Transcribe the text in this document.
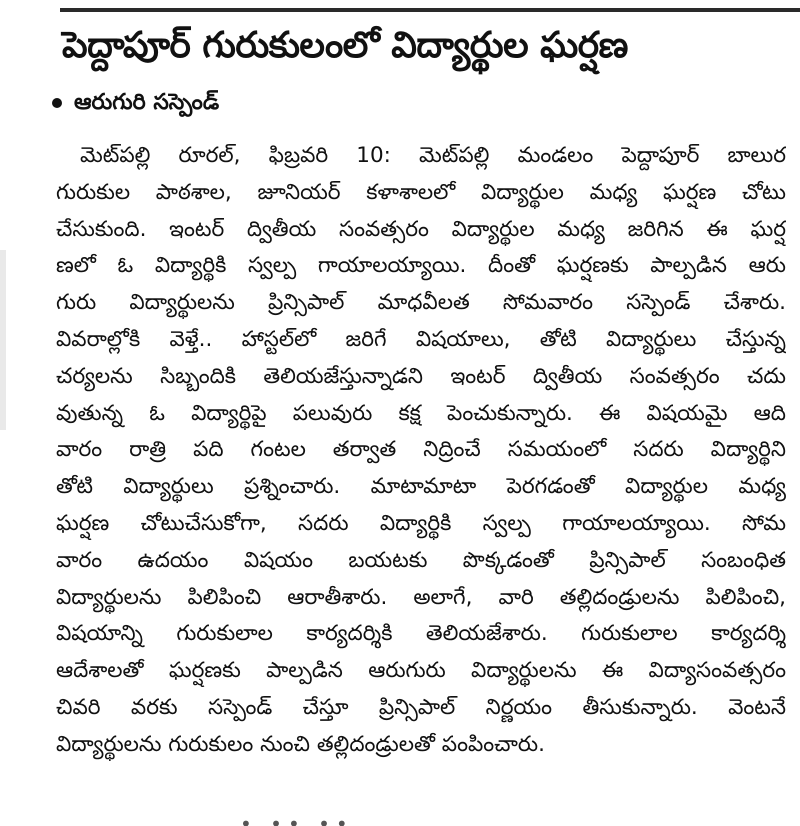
పెద్దాపూర్ గురుకులంలో విద్యార్థుల ఘర్షణ
ఆరుగురి సస్పెండ్
మెట్‌పల్లి రూరల్, ఫిబ్రవరి 10: మెట్‌పల్లి మండలం పెద్దాపూర్ బాలుర
గురుకుల పాఠశాల, జూనియర్ కళాశాలలో విద్యార్థుల మధ్య ఘర్షణ చోటు
చేసుకుంది. ఇంటర్ ద్వితీయ సంవత్సరం విద్యార్థుల మధ్య జరిగిన ఈ ఘర్ష
ణలో ఓ విద్యార్థికి స్వల్ప గాయాలయ్యాయి. దీంతో ఘర్షణకు పాల్పడిన ఆరు
గురు విద్యార్థులను ప్రిన్సిపాల్ మాధవీలత సోమవారం సస్పెండ్ చేశారు.
వివరాల్లోకి వెళ్తే.. హాస్టల్‌లో జరిగే విషయాలు, తోటి విద్యార్థులు చేస్తున్న
చర్యలను సిబ్బందికి తెలియజేస్తున్నాడని ఇంటర్ ద్వితీయ సంవత్సరం చదు
వుతున్న ఓ విద్యార్థిపై పలువురు కక్ష పెంచుకున్నారు. ఈ విషయమై ఆది
వారం రాత్రి పది గంటల తర్వాత నిద్రించే సమయంలో సదరు విద్యార్థిని
తోటి విద్యార్థులు ప్రశ్నించారు. మాటామాటా పెరగడంతో విద్యార్థుల మధ్య
ఘర్షణ చోటుచేసుకోగా, సదరు విద్యార్థికి స్వల్ప గాయాలయ్యాయి. సోమ
వారం ఉదయం విషయం బయటకు పొక్కడంతో ప్రిన్సిపాల్ సంబంధిత
విద్యార్థులను పిలిపించి ఆరాతీశారు. అలాగే, వారి తల్లిదండ్రులను పిలిపించి,
విషయాన్ని గురుకులాల కార్యదర్శికి తెలియజేశారు. గురుకులాల కార్యదర్శి
ఆదేశాలతో ఘర్షణకు పాల్పడిన ఆరుగురు విద్యార్థులను ఈ విద్యాసంవత్సరం
చివరి వరకు సస్పెండ్ చేస్తూ ప్రిన్సిపాల్ నిర్ణయం తీసుకున్నారు. వెంటనే
విద్యార్థులను గురుకులం నుంచి తల్లిదండ్రులతో పంపించారు.
• •• ••
